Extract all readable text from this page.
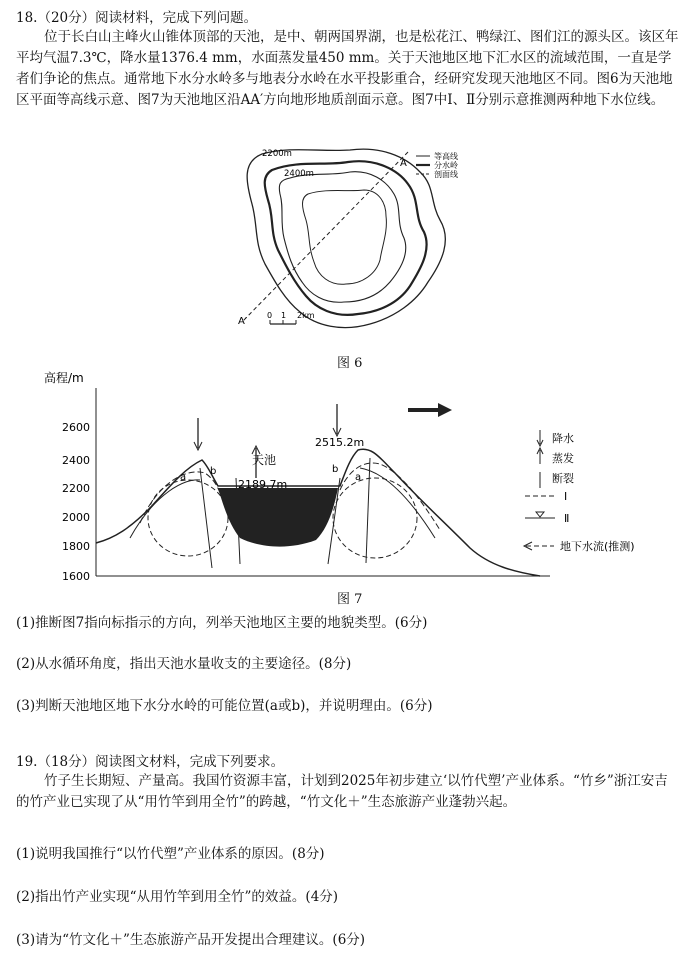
18.（20分）阅读材料，完成下列问题。
位于长白山主峰火山锥体顶部的天池，是中、朝两国界湖，也是松花江、鸭绿江、图们江的源头区。该区年平均气温7.3℃，降水量1376.4 mm，水面蒸发量450 mm。关于天池地区地下汇水区的流域范围，一直是学者们争论的焦点。通常地下水分水岭多与地表分水岭在水平投影重合，经研究发现天池地区不同。图6为天池地区平面等高线示意、图7为天池地区沿AA′方向地形地质剖面示意。图7中Ⅰ、Ⅱ分别示意推测两种地下水位线。
2200m
2400m
A
A′
0 1 2km
等高线
分水岭
剖面线
图 6
高程/m
2600
2400
2200
2000
1800
1600
天池
2189.7m
2515.2m
a
b
a
b
降水
蒸发
断裂
Ⅰ
Ⅱ
地下水流(推测)
图 7
(1)推断图7指向标指示的方向，列举天池地区主要的地貌类型。(6分)
(2)从水循环角度，指出天池水量收支的主要途径。(8分)
(3)判断天池地区地下水分水岭的可能位置(a或b)，并说明理由。(6分)
19.（18分）阅读图文材料，完成下列要求。
竹子生长期短、产量高。我国竹资源丰富，计划到2025年初步建立‘以竹代塑’产业体系。“竹乡”浙江安吉的竹产业已实现了从“用竹竿到用全竹”的跨越，“竹文化＋”生态旅游产业蓬勃兴起。
(1)说明我国推行“以竹代塑”产业体系的原因。(8分)
(2)指出竹产业实现“从用竹竿到用全竹”的效益。(4分)
(3)请为“竹文化＋”生态旅游产品开发提出合理建议。(6分)
